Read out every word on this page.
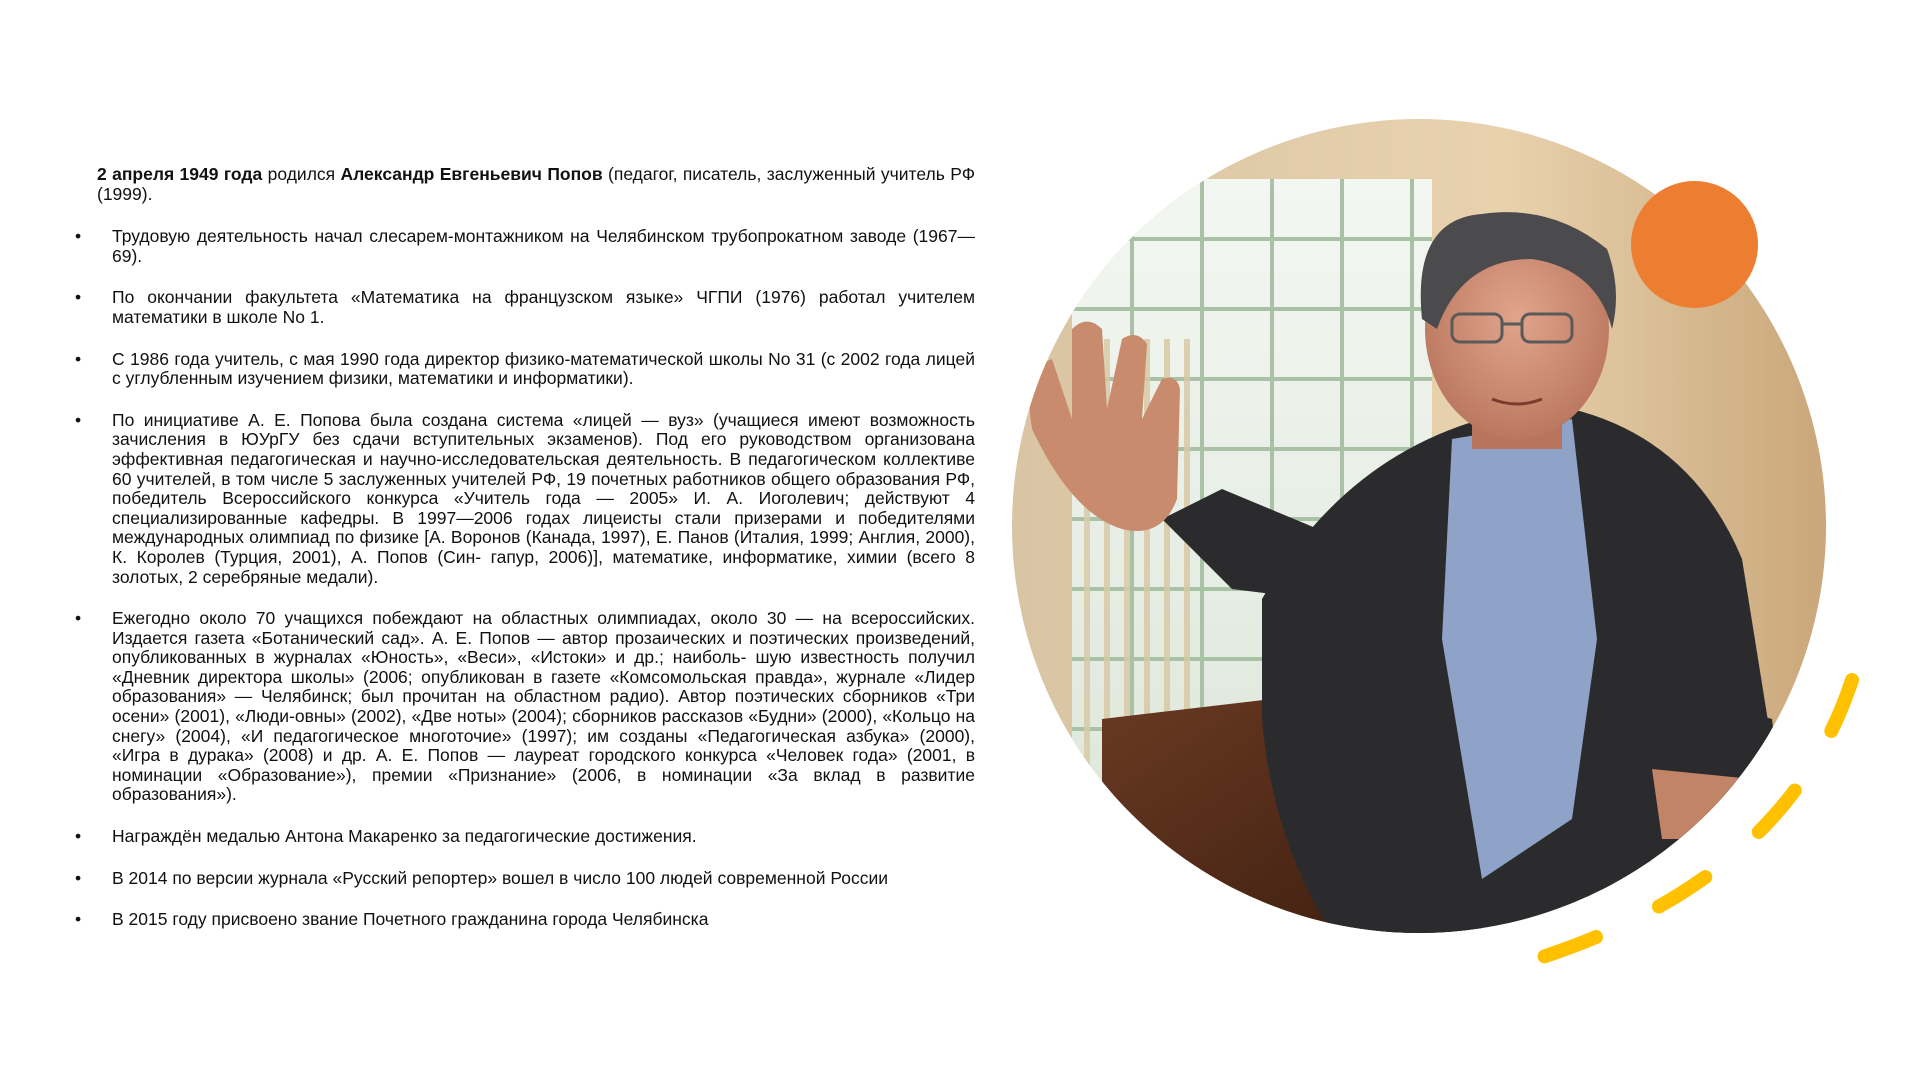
2 апреля 1949 года родился Александр Евгеньевич Попов (педагог, писатель, заслуженный учитель РФ (1999).

• Трудовую деятельность начал слесарем-монтажником на Челябинском трубопрокатном заводе (1967—69).
• По окончании факультета «Математика на французском языке» ЧГПИ (1976) работал учителем математики в школе No 1.
• С 1986 года учитель, с мая 1990 года директор физико-математической школы No 31 (с 2002 года лицей с углубленным изучением физики, математики и информатики).
• По инициативе А. Е. Попова была создана система «лицей — вуз» (учащиеся имеют возможность зачисления в ЮУрГУ без сдачи вступительных экзаменов). Под его руководством организована эффективная педагогическая и научно-исследовательская деятельность. В педагогическом коллективе 60 учителей, в том числе 5 заслуженных учителей РФ, 19 почетных работников общего образования РФ, победитель Всероссийского конкурса «Учитель года — 2005» И. А. Иоголевич; действуют 4 специализированные кафедры. В 1997—2006 годах лицеисты стали призерами и победителями международных олимпиад по физике [А. Воронов (Канада, 1997), Е. Панов (Италия, 1999; Англия, 2000), К. Королев (Турция, 2001), А. Попов (Син- гапур, 2006)], математике, информатике, химии (всего 8 золотых, 2 серебряные медали).
• Ежегодно около 70 учащихся побеждают на областных олимпиадах, около 30 — на всероссийских. Издается газета «Ботанический сад». А. Е. Попов — автор прозаических и поэтических произведений, опубликованных в журналах «Юность», «Веси», «Истоки» и др.; наиболь- шую известность получил «Дневник директора школы» (2006; опубликован в газете «Комсомольская правда», журнале «Лидер образования» — Челябинск; был прочитан на областном радио). Автор поэтических сборников «Три осени» (2001), «Люди-овны» (2002), «Две ноты» (2004); сборников рассказов «Будни» (2000), «Кольцо на снегу» (2004), «И педагогическое многоточие» (1997); им созданы «Педагогическая азбука» (2000), «Игра в дурака» (2008) и др. А. Е. Попов — лауреат городского конкурса «Человек года» (2001, в номинации «Образование»), премии «Признание» (2006, в номинации «За вклад в развитие образования»).
• Награждён медалью Антона Макаренко за педагогические достижения.
• В 2014 по версии журнала «Русский репортер» вошел в число 100 людей современной России
• В 2015 году присвоено звание Почетного гражданина города Челябинска
